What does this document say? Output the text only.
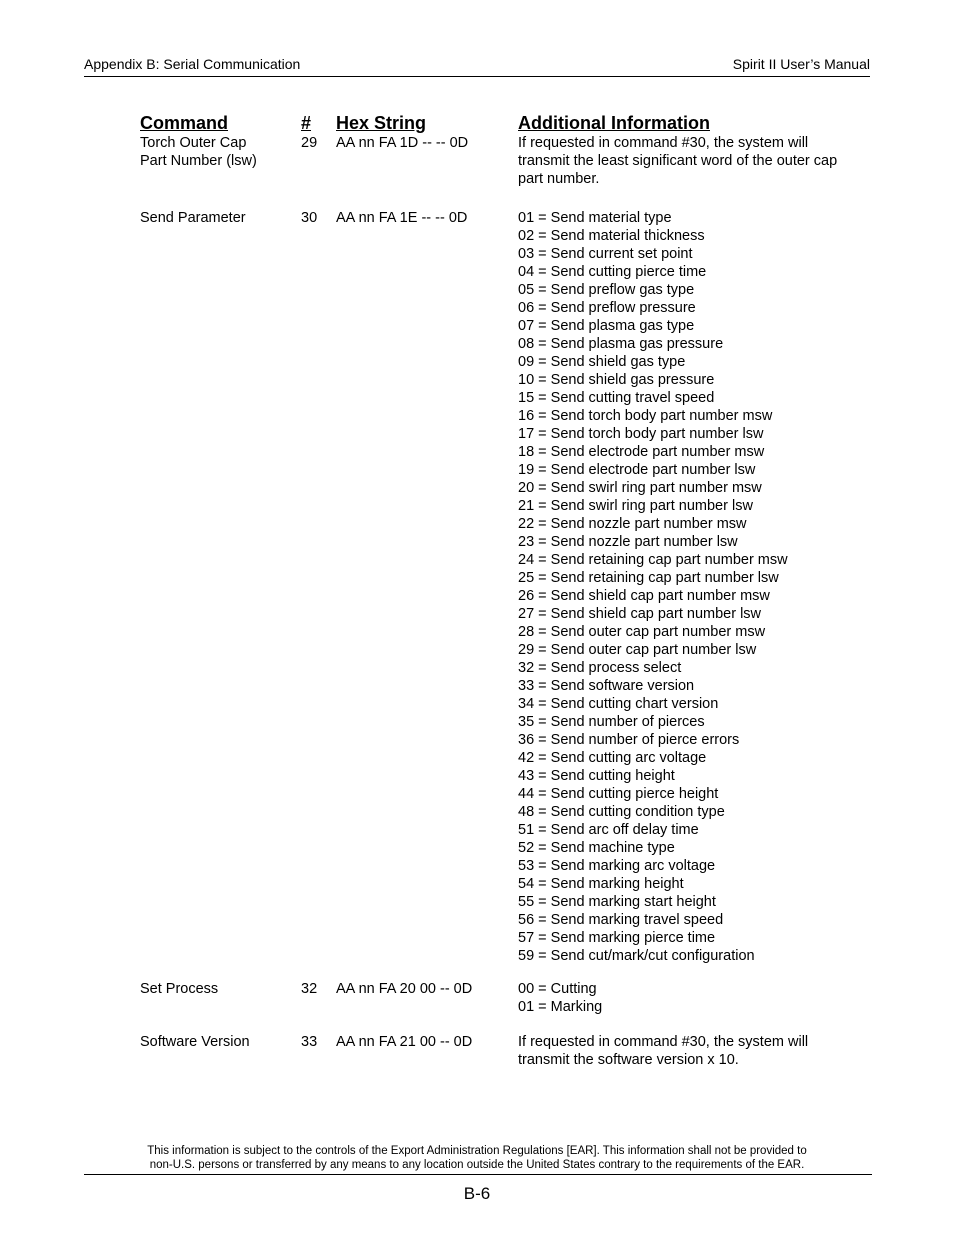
Appendix B: Serial Communication	Spirit II User’s Manual
Command	#	Hex String	Additional Information
Torch Outer Cap
Part Number (lsw)
29	AA nn FA 1D -- -- 0D	If requested in command #30, the system will
transmit the least significant word of the outer cap
part number.
Send Parameter	30	AA nn FA 1E -- -- 0D	01 = Send material type
02 = Send material thickness
03 = Send current set point
04 = Send cutting pierce time
05 = Send preflow gas type
06 = Send preflow pressure
07 = Send plasma gas type
08 = Send plasma gas pressure
09 = Send shield gas type
10 = Send shield gas pressure
15 = Send cutting travel speed
16 = Send torch body part number msw
17 = Send torch body part number lsw
18 = Send electrode part number msw
19 = Send electrode part number lsw
20 = Send swirl ring part number msw
21 = Send swirl ring part number lsw
22 = Send nozzle part number msw
23 = Send nozzle part number lsw
24 = Send retaining cap part number msw
25 = Send retaining cap part number lsw
26 = Send shield cap part number msw
27 = Send shield cap part number lsw
28 = Send outer cap part number msw
29 = Send outer cap part number lsw
32 = Send process select
33 = Send software version
34 = Send cutting chart version
35 = Send number of pierces
36 = Send number of pierce errors
42 = Send cutting arc voltage
43 = Send cutting height
44 = Send cutting pierce height
48 = Send cutting condition type
51 = Send arc off delay time
52 = Send machine type
53 = Send marking arc voltage
54 = Send marking height
55 = Send marking start height
56 = Send marking travel speed
57 = Send marking pierce time
59 = Send cut/mark/cut configuration
Set Process	32	AA nn FA 20 00 -- 0D	00 = Cutting
01 = Marking
Software Version	33	AA nn FA 21 00 -- 0D	If requested in command #30, the system will
transmit the software version x 10.
This information is subject to the controls of the Export Administration Regulations [EAR]. This information shall not be provided to
non-U.S. persons or transferred by any means to any location outside the United States contrary to the requirements of the EAR.
B-6
